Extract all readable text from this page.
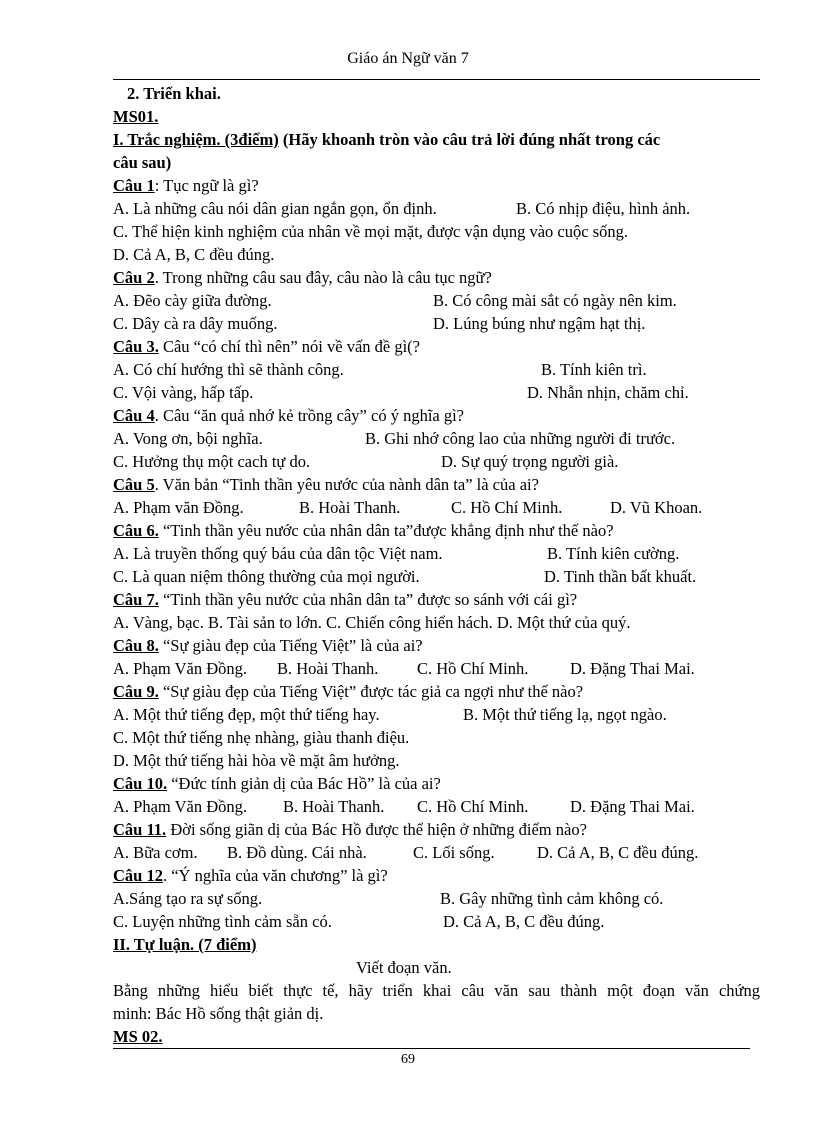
Giáo án Ngữ văn 7
2. Triển khai.
MS01.
I. Trắc nghiệm. (3điểm) (Hãy khoanh tròn vào câu trả lời đúng nhất trong các
câu sau)
Câu 1: Tục ngữ là gì?
A. Là những câu nói dân gian ngắn gọn, ổn định.	B. Có nhịp điệu, hình ảnh.
C. Thể hiện kinh nghiệm của nhân về mọi mặt, được vận dụng vào cuộc sống.
D. Cả A, B, C đều đúng.
Câu 2. Trong những câu sau đây, câu nào là câu tục ngữ?
A. Đẽo cày giữa đường.	B. Có công mài sắt có ngày nên kim.
C. Dây cà ra dây muống.	D. Lúng búng như ngậm hạt thị.
Câu 3. Câu “có chí thì nên” nói về vấn đề gì(?
A. Có chí hướng thì sẽ thành công.	B. Tính kiên trì.
C. Vội vàng, hấp tấp.	D. Nhẫn nhịn, chăm chỉ.
Câu 4. Câu “ăn quả nhớ kẻ trồng cây” có ý nghĩa gì?
A. Vong ơn, bội nghĩa.	B. Ghi nhớ công lao của những người đi trước.
C. Hưởng thụ một cach tự do.	D. Sự quý trọng người già.
Câu 5. Văn bản “Tinh thần yêu nước của nành dân ta” là của ai?
A. Phạm văn Đồng.	B. Hoài Thanh.	C. Hồ Chí Minh.	D. Vũ Khoan.
Câu 6. “Tinh thần yêu nước của nhân dân ta”được khẳng định như thế nào?
A. Là truyền thống quý báu của dân tộc Việt nam.	B. Tính kiên cường.
C. Là quan niệm thông thường của mọi người.	D. Tinh thần bất khuất.
Câu 7. “Tinh thần yêu nước của nhân dân ta” được so sánh với cái gì?
A. Vàng, bạc. B. Tài sản to lớn. C. Chiến công hiển hách. D. Một thứ của quý.
Câu 8. “Sự giàu đẹp của Tiếng Việt” là của ai?
A. Phạm Văn Đồng. B. Hoài Thanh. C. Hồ Chí Minh.	D. Đặng Thai Mai.
Câu 9. “Sự giàu đẹp của Tiếng Việt” được tác giả ca ngợi như thế nào?
A. Một thứ tiếng đẹp, một thứ tiếng hay.	B. Một thứ tiếng lạ, ngọt ngào.
C. Một thứ tiếng nhẹ nhàng, giàu thanh điệu.
D. Một thứ tiếng hài hòa về mặt âm hưởng.
Câu 10. “Đức tính giản dị của Bác Hồ” là của ai?
A. Phạm Văn Đồng. B. Hoài Thanh. C. Hồ Chí Minh.	D. Đặng Thai Mai.
Câu 11. Đời sống giãn dị của Bác Hồ được thể hiện ở những điểm nào?
A. Bữa cơm. B. Đồ dùng. Cái nhà.	C. Lối sống.	D. Cả A, B, C đều đúng.
Câu 12. “Ý nghĩa của văn chương” là gì?
A.Sáng tạo ra sự sống.	B. Gây những tình cảm không có.
C. Luyện những tình cảm sẵn có.	D. Cả A, B, C đều đúng.
II. Tự luận. (7 điểm)
Viết đoạn văn.
Bằng những hiểu biết thực tế, hãy triển khai câu văn sau thành một đoạn văn chứng
minh: Bác Hồ sống thật giản dị.
MS 02.
69
